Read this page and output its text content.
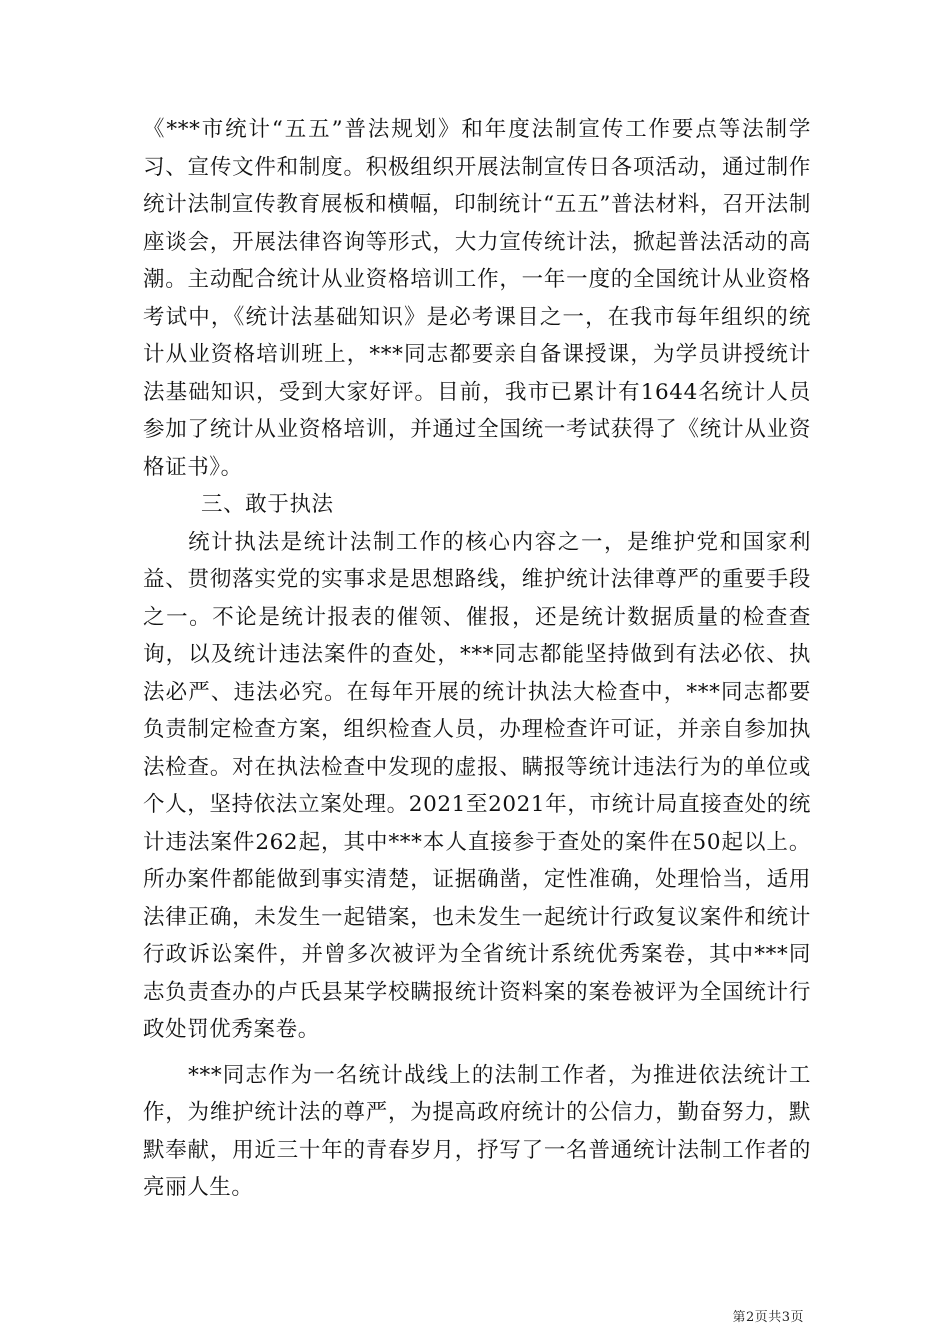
《***市统计“五五”普法规划》和年度法制宣传工作要点等法制学习、宣传文件和制度。积极组织开展法制宣传日各项活动，通过制作统计法制宣传教育展板和横幅，印制统计“五五”普法材料，召开法制座谈会，开展法律咨询等形式，大力宣传统计法，掀起普法活动的高潮。主动配合统计从业资格培训工作，一年一度的全国统计从业资格考试中，《统计法基础知识》是必考课目之一，在我市每年组织的统计从业资格培训班上，***同志都要亲自备课授课，为学员讲授统计法基础知识，受到大家好评。目前，我市已累计有1644名统计人员参加了统计从业资格培训，并通过全国统一考试获得了《统计从业资格证书》。

三、敢于执法

统计执法是统计法制工作的核心内容之一，是维护党和国家利益、贯彻落实党的实事求是思想路线，维护统计法律尊严的重要手段之一。不论是统计报表的催领、催报，还是统计数据质量的检查查询，以及统计违法案件的查处，***同志都能坚持做到有法必依、执法必严、违法必究。在每年开展的统计执法大检查中，***同志都要负责制定检查方案，组织检查人员，办理检查许可证，并亲自参加执法检查。对在执法检查中发现的虚报、瞒报等统计违法行为的单位或个人，坚持依法立案处理。2021至2021年，市统计局直接查处的统计违法案件262起，其中***本人直接参于查处的案件在50起以上。所办案件都能做到事实清楚，证据确凿，定性准确，处理恰当，适用法律正确，未发生一起错案，也未发生一起统计行政复议案件和统计行政诉讼案件，并曾多次被评为全省统计系统优秀案卷，其中***同志负责查办的卢氏县某学校瞒报统计资料案的案卷被评为全国统计行政处罚优秀案卷。

***同志作为一名统计战线上的法制工作者，为推进依法统计工作，为维护统计法的尊严，为提高政府统计的公信力，勤奋努力，默默奉献，用近三十年的青春岁月，抒写了一名普通统计法制工作者的亮丽人生。

第2页共3页
